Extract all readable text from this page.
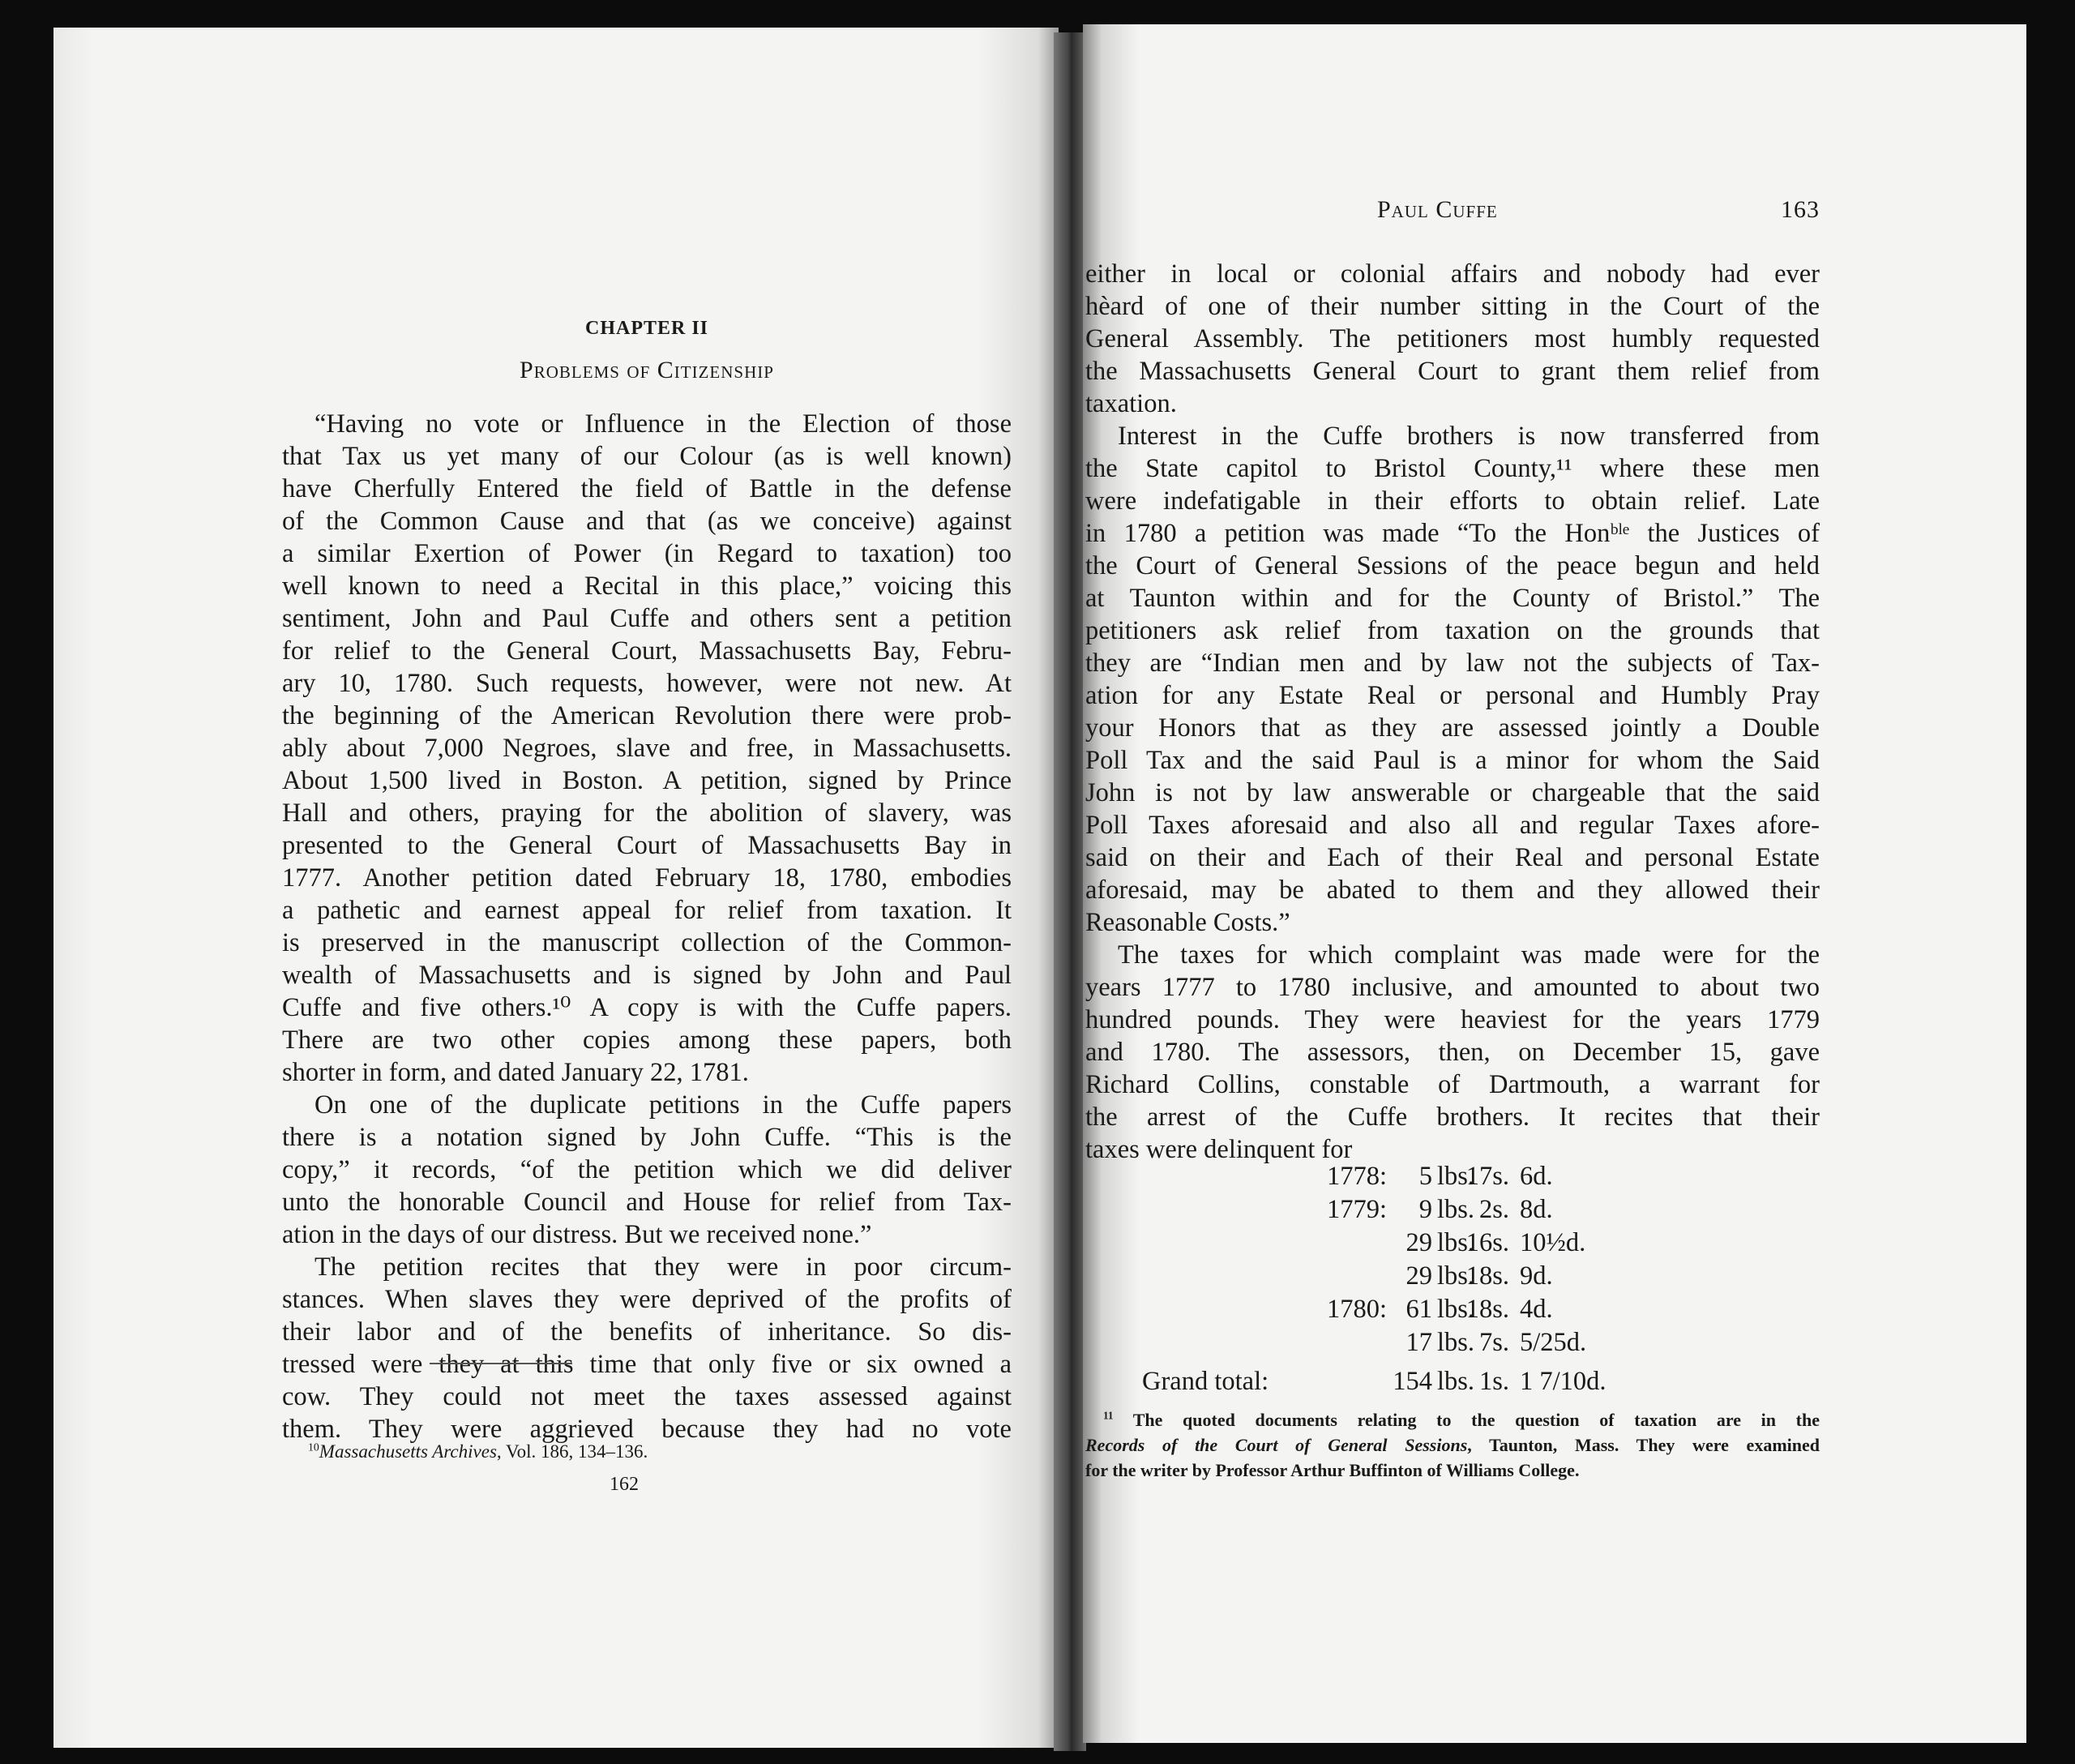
CHAPTER II
Problems of Citizenship
“Having no vote or Influence in the Election of those
that Tax us yet many of our Colour (as is well known)
have Cherfully Entered the field of Battle in the defense
of the Common Cause and that (as we conceive) against
a similar Exertion of Power (in Regard to taxation) too
well known to need a Recital in this place,” voicing this
sentiment, John and Paul Cuffe and others sent a petition
for relief to the General Court, Massachusetts Bay, Febru-
ary 10, 1780. Such requests, however, were not new. At
the beginning of the American Revolution there were prob-
ably about 7,000 Negroes, slave and free, in Massachusetts.
About 1,500 lived in Boston. A petition, signed by Prince
Hall and others, praying for the abolition of slavery, was
presented to the General Court of Massachusetts Bay in
1777. Another petition dated February 18, 1780, embodies
a pathetic and earnest appeal for relief from taxation. It
is preserved in the manuscript collection of the Common-
wealth of Massachusetts and is signed by John and Paul
Cuffe and five others.¹⁰ A copy is with the Cuffe papers.
There are two other copies among these papers, both
shorter in form, and dated January 22, 1781.
On one of the duplicate petitions in the Cuffe papers
there is a notation signed by John Cuffe. “This is the
copy,” it records, “of the petition which we did deliver
unto the honorable Council and House for relief from Tax-
ation in the days of our distress. But we received none.”
The petition recites that they were in poor circum-
stances. When slaves they were deprived of the profits of
their labor and of the benefits of inheritance. So dis-
tressed were they at this time that only five or six owned a
cow. They could not meet the taxes assessed against
them. They were aggrieved because they had no vote
$^{10}$Massachusetts Archives, Vol. 186, 134–136.
162
Paul Cuffe	163
either in local or colonial affairs and nobody had ever
hèard of one of their number sitting in the Court of the
General Assembly. The petitioners most humbly requested
the Massachusetts General Court to grant them relief from
taxation.
Interest in the Cuffe brothers is now transferred from
the State capitol to Bristol County,¹¹ where these men
were indefatigable in their efforts to obtain relief. Late
in 1780 a petition was made “To the Honᵇˡᵉ the Justices of
the Court of General Sessions of the peace begun and held
at Taunton within and for the County of Bristol.” The
petitioners ask relief from taxation on the grounds that
they are “Indian men and by law not the subjects of Tax-
ation for any Estate Real or personal and Humbly Pray
your Honors that as they are assessed jointly a Double
Poll Tax and the said Paul is a minor for whom the Said
John is not by law answerable or chargeable that the said
Poll Taxes aforesaid and also all and regular Taxes afore-
said on their and Each of their Real and personal Estate
aforesaid, may be abated to them and they allowed their
Reasonable Costs.”
The taxes for which complaint was made were for the
years 1777 to 1780 inclusive, and amounted to about two
hundred pounds. They were heaviest for the years 1779
and 1780. The assessors, then, on December 15, gave
Richard Collins, constable of Dartmouth, a warrant for
the arrest of the Cuffe brothers. It recites that their
taxes were delinquent for
1778: 5 lbs.
17s. 6d.
1779: 9 lbs. 2s. 8d.
29 lbs.
16s. 10½d.
29 lbs.
18s. 9d.
1780: 61 lbs.
18s. 4d.
17 lbs. 7s. 5/25d.
Grand total:	154 lbs. 1s. 1 7/10d.
$^{11}$ The quoted documents relating to the question of taxation are in the
Records of the Court of General Sessions, Taunton, Mass. They were examined
for the writer by Professor Arthur Buffinton of Williams College.
